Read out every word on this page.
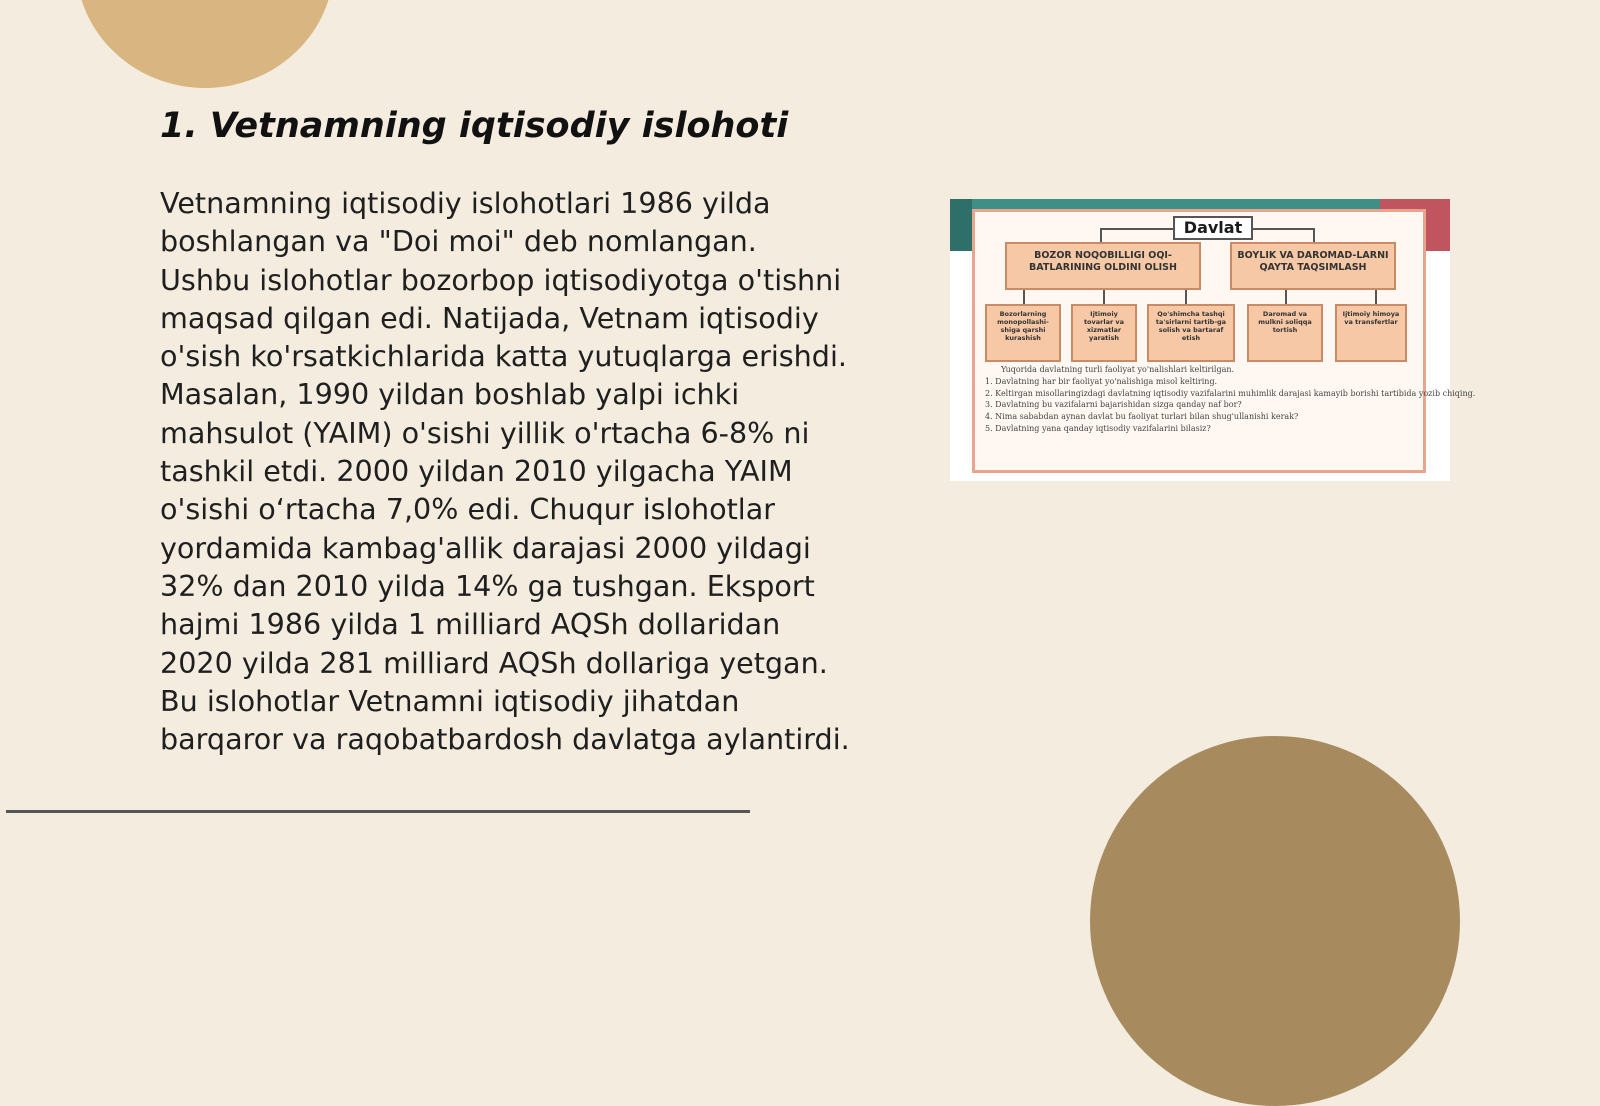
1. Vetnamning iqtisodiy islohoti

Vetnamning iqtisodiy islohotlari 1986 yilda boshlangan va "Doi moi" deb nomlangan. Ushbu islohotlar bozorbop iqtisodiyotga o'tishni maqsad qilgan edi. Natijada, Vetnam iqtisodiy o'sish ko'rsatkichlarida katta yutuqlarga erishdi. Masalan, 1990 yildan boshlab yalpi ichki mahsulot (YAIM) o'sishi yillik o'rtacha 6-8% ni tashkil etdi. 2000 yildan 2010 yilgacha YAIM o'sishi o‘rtacha 7,0% edi. Chuqur islohotlar yordamida kambag'allik darajasi 2000 yildagi 32% dan 2010 yilda 14% ga tushgan. Eksport hajmi 1986 yilda 1 milliard AQSh dollaridan 2020 yilda 281 milliard AQSh dollariga yetgan. Bu islohotlar Vetnamni iqtisodiy jihatdan barqaror va raqobatbardosh davlatga aylantirdi.

Davlat
BOZOR NOQOBILLIGI OQI-BATLARINING OLDINI OLISH
BOYLIK VA DAROMAD-LARNI QAYTA TAQSIMLASH
Bozorlarning monopollashi-shiga qarshi kurashish
Ijtimoiy tovarlar va xizmatlar yaratish
Qo'shimcha tashqi ta'sirlarni tartib-ga solish va bartaraf etish
Daromad va mulkni soliqqa tortish
Ijtimoiy himoya va transfertlar
Yuqorida davlatning turli faoliyat yo'nalishlari keltirilgan.
1. Davlatning har bir faoliyat yo'nalishiga misol keltiring.
2. Keltirgan misollaringizdagi davlatning iqtisodiy vazifalarini muhimlik darajasi kamayib borishi tartibida yozib chiqing.
3. Davlatning bu vazifalarni bajarishidan sizga qanday naf bor?
4. Nima sababdan aynan davlat bu faoliyat turlari bilan shug'ullanishi kerak?
5. Davlatning yana qanday iqtisodiy vazifalarini bilasiz?
